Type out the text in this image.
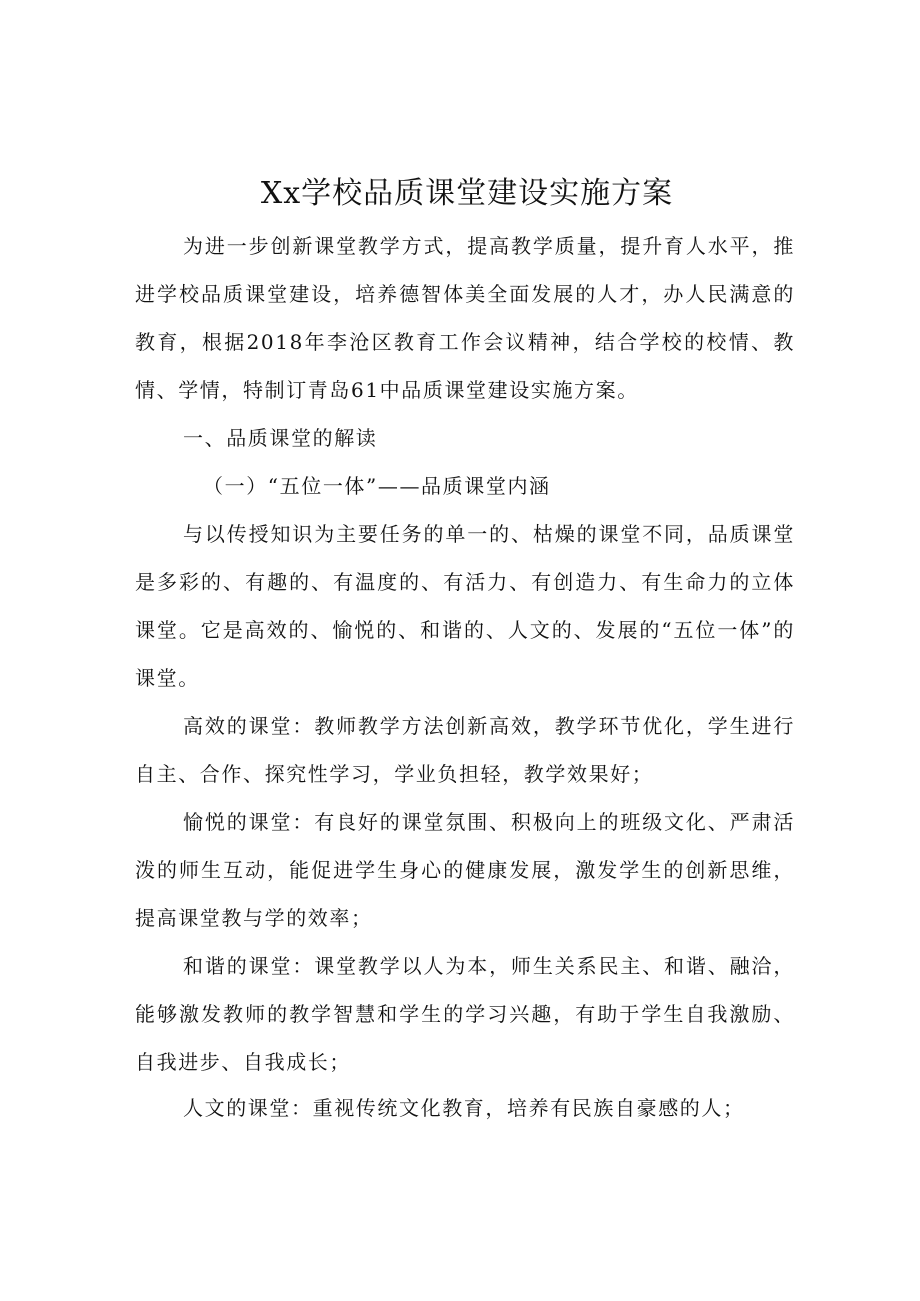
Xx学校品质课堂建设实施方案

为进一步创新课堂教学方式，提高教学质量，提升育人水平，推进学校品质课堂建设，培养德智体美全面发展的人才，办人民满意的教育，根据2018年李沧区教育工作会议精神，结合学校的校情、教情、学情，特制订青岛61中品质课堂建设实施方案。

一、品质课堂的解读

（一）“五位一体”——品质课堂内涵

与以传授知识为主要任务的单一的、枯燥的课堂不同，品质课堂是多彩的、有趣的、有温度的、有活力、有创造力、有生命力的立体课堂。它是高效的、愉悦的、和谐的、人文的、发展的“五位一体”的课堂。

高效的课堂：教师教学方法创新高效，教学环节优化，学生进行自主、合作、探究性学习，学业负担轻，教学效果好；

愉悦的课堂：有良好的课堂氛围、积极向上的班级文化、严肃活泼的师生互动，能促进学生身心的健康发展，激发学生的创新思维，提高课堂教与学的效率；

和谐的课堂：课堂教学以人为本，师生关系民主、和谐、融洽，能够激发教师的教学智慧和学生的学习兴趣，有助于学生自我激励、自我进步、自我成长；

人文的课堂：重视传统文化教育，培养有民族自豪感的人；
